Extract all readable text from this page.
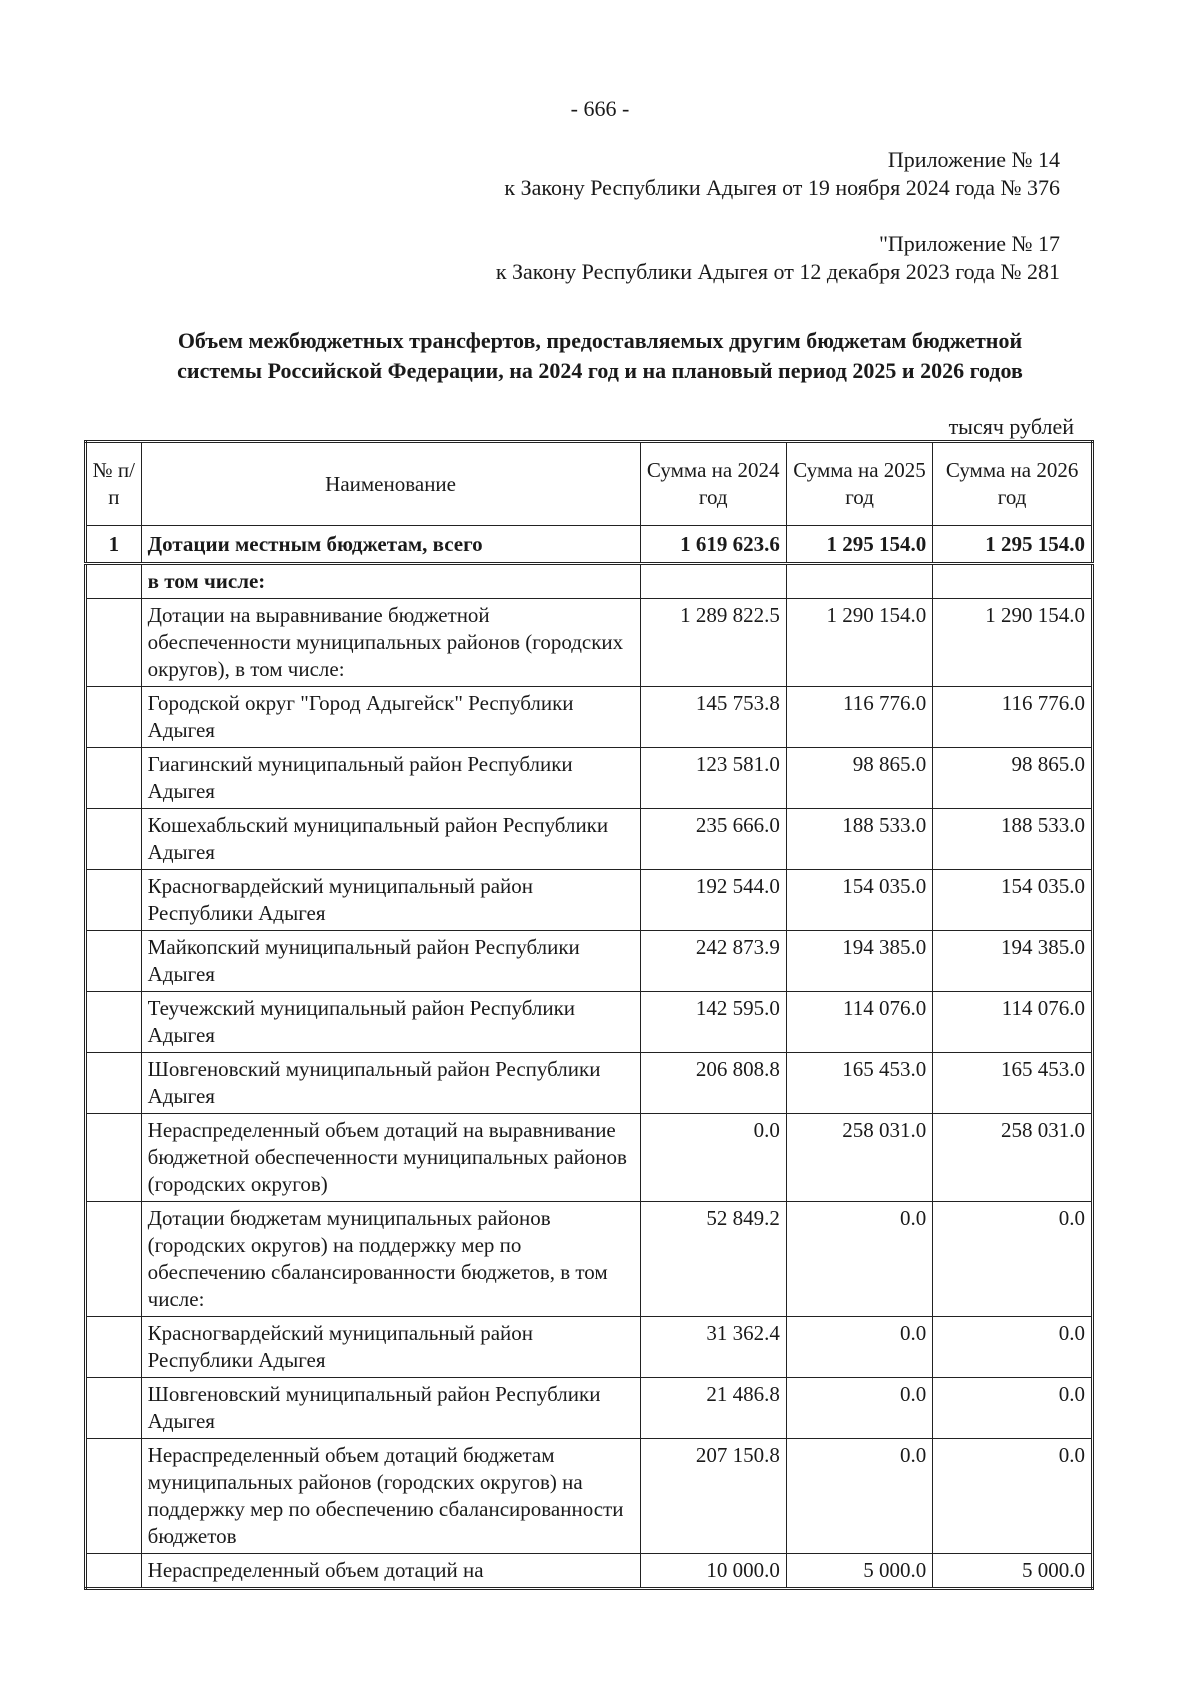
- 666 -
Приложение № 14
к Закону Республики Адыгея от 19 ноября 2024 года № 376
"Приложение № 17
к Закону Республики Адыгея от 12 декабря 2023 года № 281
Объем межбюджетных трансфертов, предоставляемых другим бюджетам бюджетной
системы Российской Федерации, на 2024 год и на плановый период 2025 и 2026 годов
тысяч рублей
№ п/п	Наименование	Сумма на 2024 год	Сумма на 2025 год	Сумма на 2026 год
1	Дотации местным бюджетам, всего	1 619 623.6	1 295 154.0	1 295 154.0
	в том числе:			
	Дотации на выравнивание бюджетной обеспеченности муниципальных районов (городских округов), в том числе:	1 289 822.5	1 290 154.0	1 290 154.0
	Городской округ "Город Адыгейск" Республики Адыгея	145 753.8	116 776.0	116 776.0
	Гиагинский муниципальный район Республики Адыгея	123 581.0	98 865.0	98 865.0
	Кошехабльский муниципальный район Республики Адыгея	235 666.0	188 533.0	188 533.0
	Красногвардейский муниципальный район Республики Адыгея	192 544.0	154 035.0	154 035.0
	Майкопский муниципальный район Республики Адыгея	242 873.9	194 385.0	194 385.0
	Теучежский муниципальный район Республики Адыгея	142 595.0	114 076.0	114 076.0
	Шовгеновский муниципальный район Республики Адыгея	206 808.8	165 453.0	165 453.0
	Нераспределенный объем дотаций на выравнивание бюджетной обеспеченности муниципальных районов (городских округов)	0.0	258 031.0	258 031.0
	Дотации бюджетам муниципальных районов (городских округов) на поддержку мер по обеспечению сбалансированности бюджетов, в том числе:	52 849.2	0.0	0.0
	Красногвардейский муниципальный район Республики Адыгея	31 362.4	0.0	0.0
	Шовгеновский муниципальный район Республики Адыгея	21 486.8	0.0	0.0
	Нераспределенный объем дотаций бюджетам муниципальных районов (городских округов) на поддержку мер по обеспечению сбалансированности бюджетов	207 150.8	0.0	0.0
	Нераспределенный объем дотаций на	10 000.0	5 000.0	5 000.0
